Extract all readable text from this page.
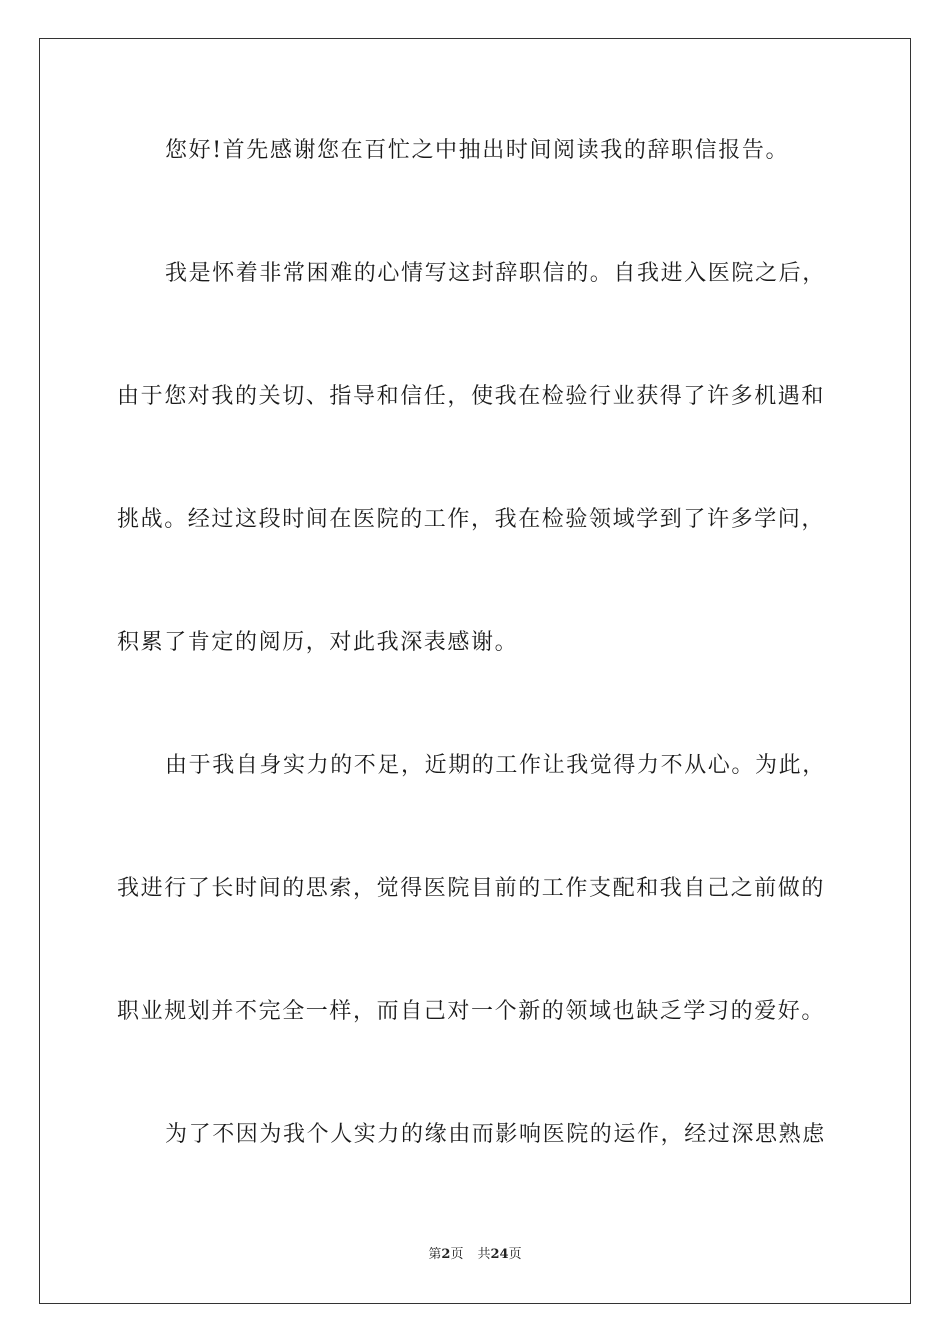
您好!首先感谢您在百忙之中抽出时间阅读我的辞职信报告。
我是怀着非常困难的心情写这封辞职信的。自我进入医院之后，
由于您对我的关切、指导和信任，使我在检验行业获得了许多机遇和
挑战。经过这段时间在医院的工作，我在检验领域学到了许多学问，
积累了肯定的阅历，对此我深表感谢。
由于我自身实力的不足，近期的工作让我觉得力不从心。为此，
我进行了长时间的思索，觉得医院目前的工作支配和我自己之前做的
职业规划并不完全一样，而自己对一个新的领域也缺乏学习的爱好。
为了不因为我个人实力的缘由而影响医院的运作，经过深思熟虑
第2页 共24页
